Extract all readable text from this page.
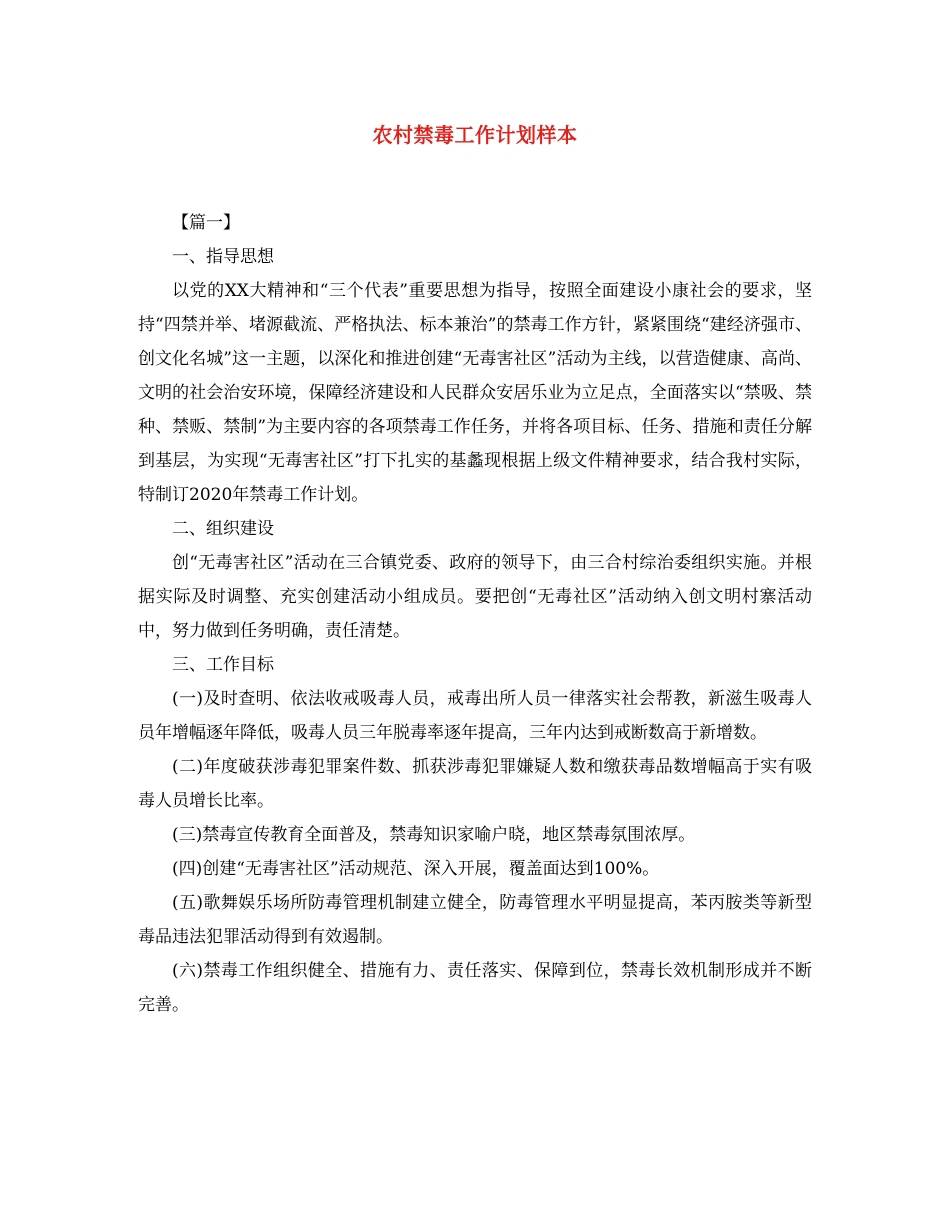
农村禁毒工作计划样本

【篇一】

一、指导思想

以党的XX大精神和“三个代表”重要思想为指导，按照全面建设小康社会的要求，坚持“四禁并举、堵源截流、严格执法、标本兼治”的禁毒工作方针，紧紧围绕“建经济强市、创文化名城”这一主题，以深化和推进创建“无毒害社区”活动为主线，以营造健康、高尚、文明的社会治安环境，保障经济建设和人民群众安居乐业为立足点，全面落实以“禁吸、禁种、禁贩、禁制”为主要内容的各项禁毒工作任务，并将各项目标、任务、措施和责任分解到基层，为实现“无毒害社区”打下扎实的基蠡现根据上级文件精神要求，结合我村实际，特制订2020年禁毒工作计划。

二、组织建设

创“无毒害社区”活动在三合镇党委、政府的领导下，由三合村综治委组织实施。并根据实际及时调整、充实创建活动小组成员。要把创“无毒社区”活动纳入创文明村寨活动中，努力做到任务明确，责任清楚。

三、工作目标

(一)及时查明、依法收戒吸毒人员，戒毒出所人员一律落实社会帮教，新滋生吸毒人员年增幅逐年降低，吸毒人员三年脱毒率逐年提高，三年内达到戒断数高于新增数。

(二)年度破获涉毒犯罪案件数、抓获涉毒犯罪嫌疑人数和缴获毒品数增幅高于实有吸毒人员增长比率。

(三)禁毒宣传教育全面普及，禁毒知识家喻户晓，地区禁毒氛围浓厚。

(四)创建“无毒害社区”活动规范、深入开展，覆盖面达到100%。

(五)歌舞娱乐场所防毒管理机制建立健全，防毒管理水平明显提高，苯丙胺类等新型毒品违法犯罪活动得到有效遏制。

(六)禁毒工作组织健全、措施有力、责任落实、保障到位，禁毒长效机制形成并不断完善。
